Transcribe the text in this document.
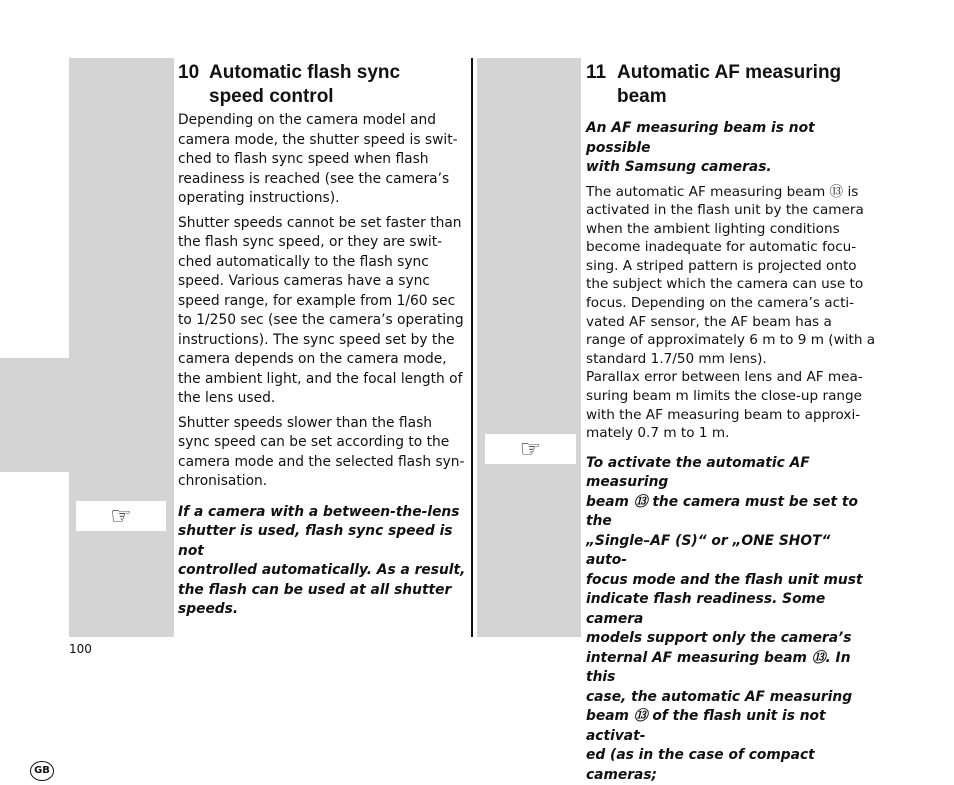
GB
☞
☞
10 Automatic flash sync
speed control

Depending on the camera model and
camera mode, the shutter speed is swit-
ched to flash sync speed when flash
readiness is reached (see the camera’s
operating instructions).

Shutter speeds cannot be set faster than
the flash sync speed, or they are swit-
ched automatically to the flash sync
speed. Various cameras have a sync
speed range, for example from 1/60 sec
to 1/250 sec (see the camera’s operating
instructions). The sync speed set by the
camera depends on the camera mode,
the ambient light, and the focal length of
the lens used.

Shutter speeds slower than the flash
sync speed can be set according to the
camera mode and the selected flash syn-
chronisation.

If a camera with a between-the-lens
shutter is used, flash sync speed is not
controlled automatically. As a result,
the flash can be used at all shutter
speeds.

11 Automatic AF measuring
beam

An AF measuring beam is not possible
with Samsung cameras.

The automatic AF measuring beam ⑬ is
activated in the flash unit by the camera
when the ambient lighting conditions
become inadequate for automatic focu-
sing. A striped pattern is projected onto
the subject which the camera can use to
focus. Depending on the camera’s acti-
vated AF sensor, the AF beam has a
range of approximately 6 m to 9 m (with a
standard 1.7/50 mm lens).
Parallax error between lens and AF mea-
suring beam m limits the close-up range
with the AF measuring beam to approxi-
mately 0.7 m to 1 m.

To activate the automatic AF measuring
beam ⑬ the camera must be set to the
„Single–AF (S)“ or „ONE SHOT“ auto-
focus mode and the flash unit must
indicate flash readiness. Some camera
models support only the camera’s
internal AF measuring beam ⑬. In this
case, the automatic AF measuring
beam ⑬ of the flash unit is not activat-
ed (as in the case of compact cameras;

100
